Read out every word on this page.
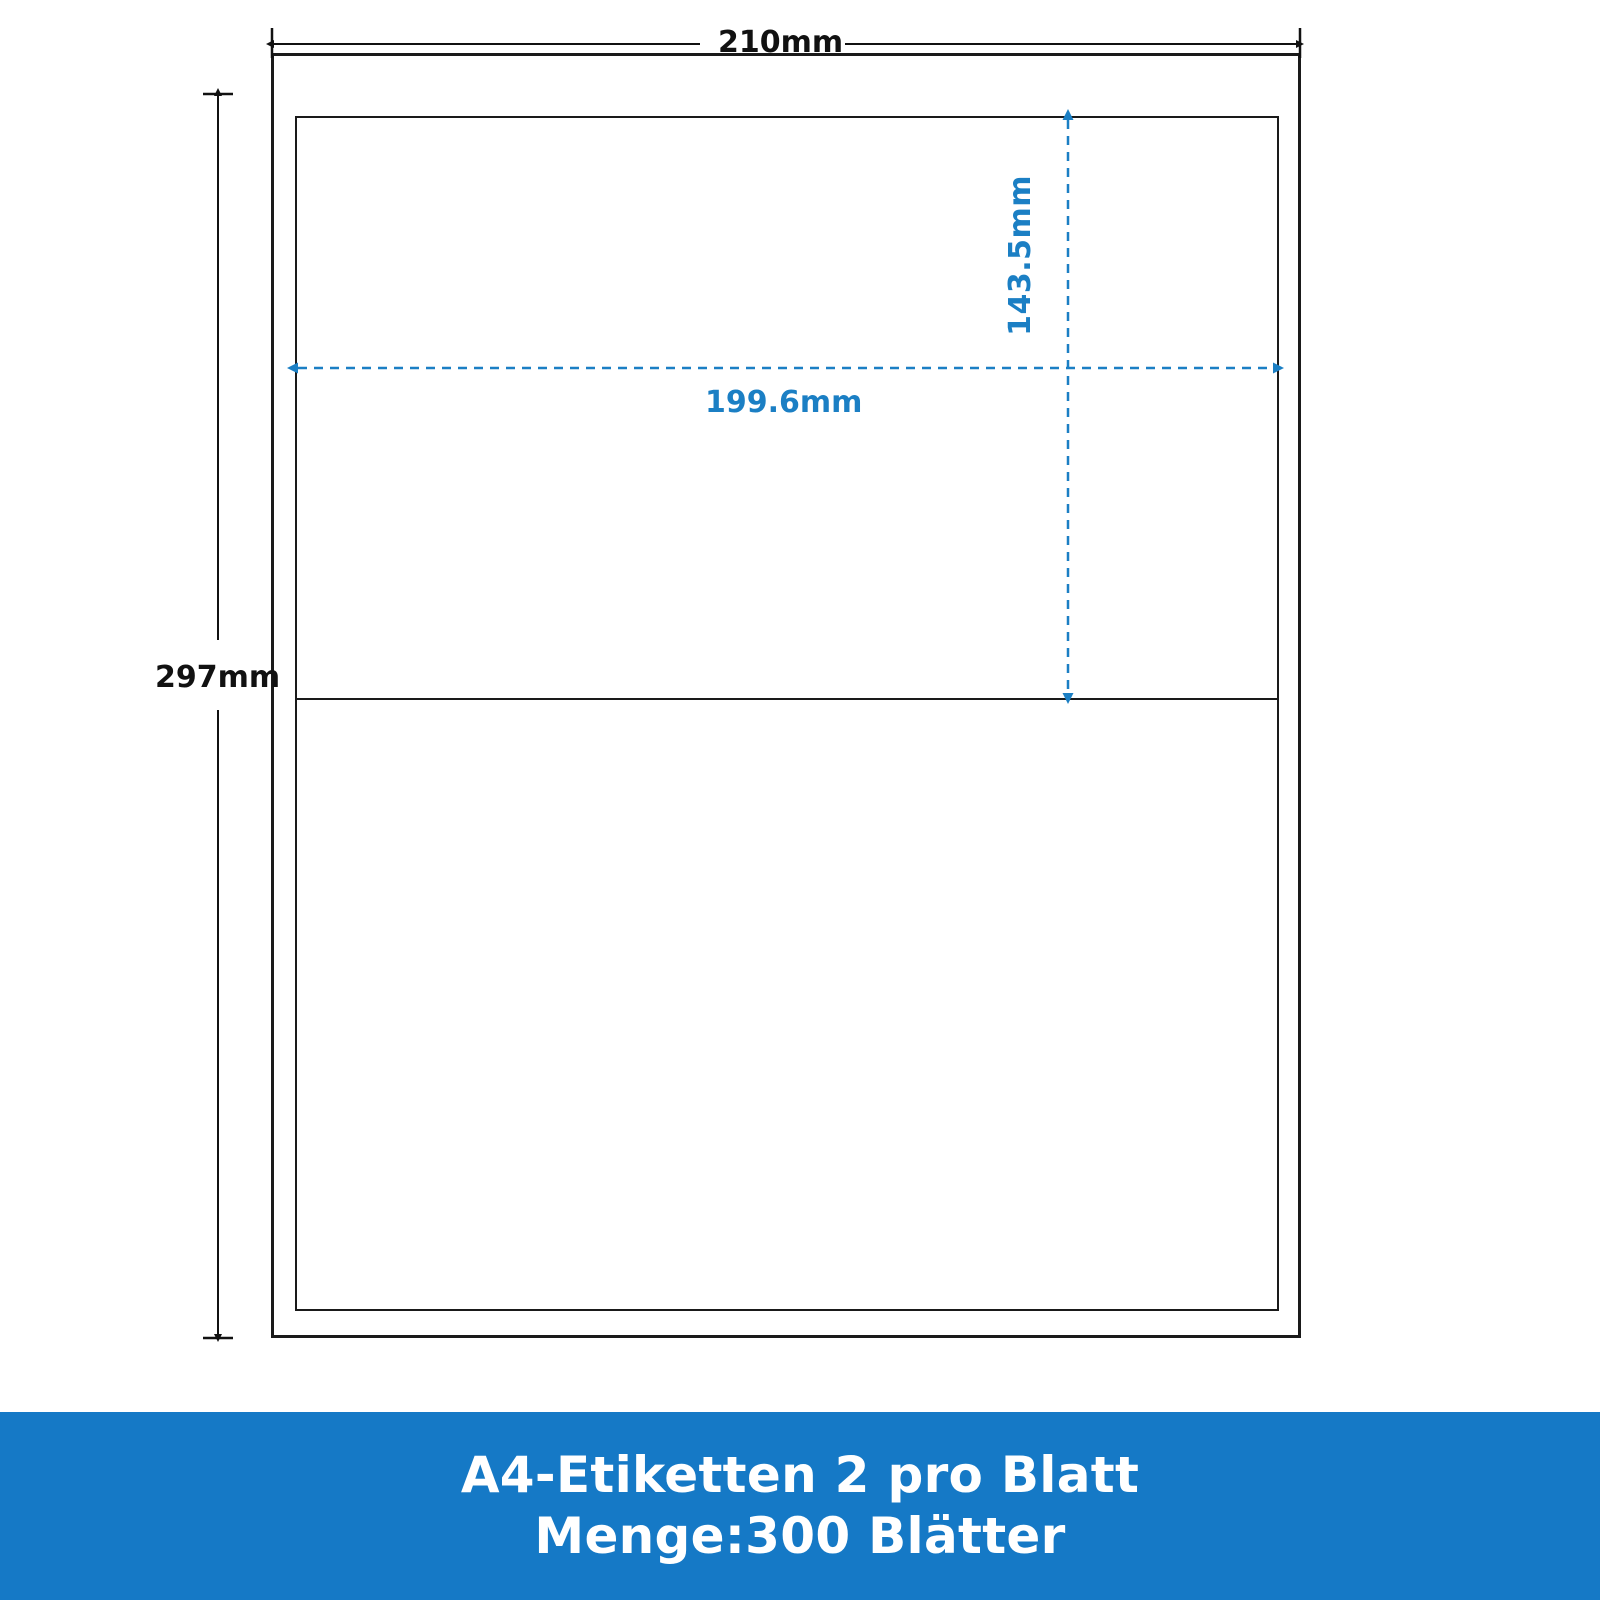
210mm
297mm
199.6mm
143.5mm
A4-Etiketten 2 pro Blatt
Menge:300 Blätter
